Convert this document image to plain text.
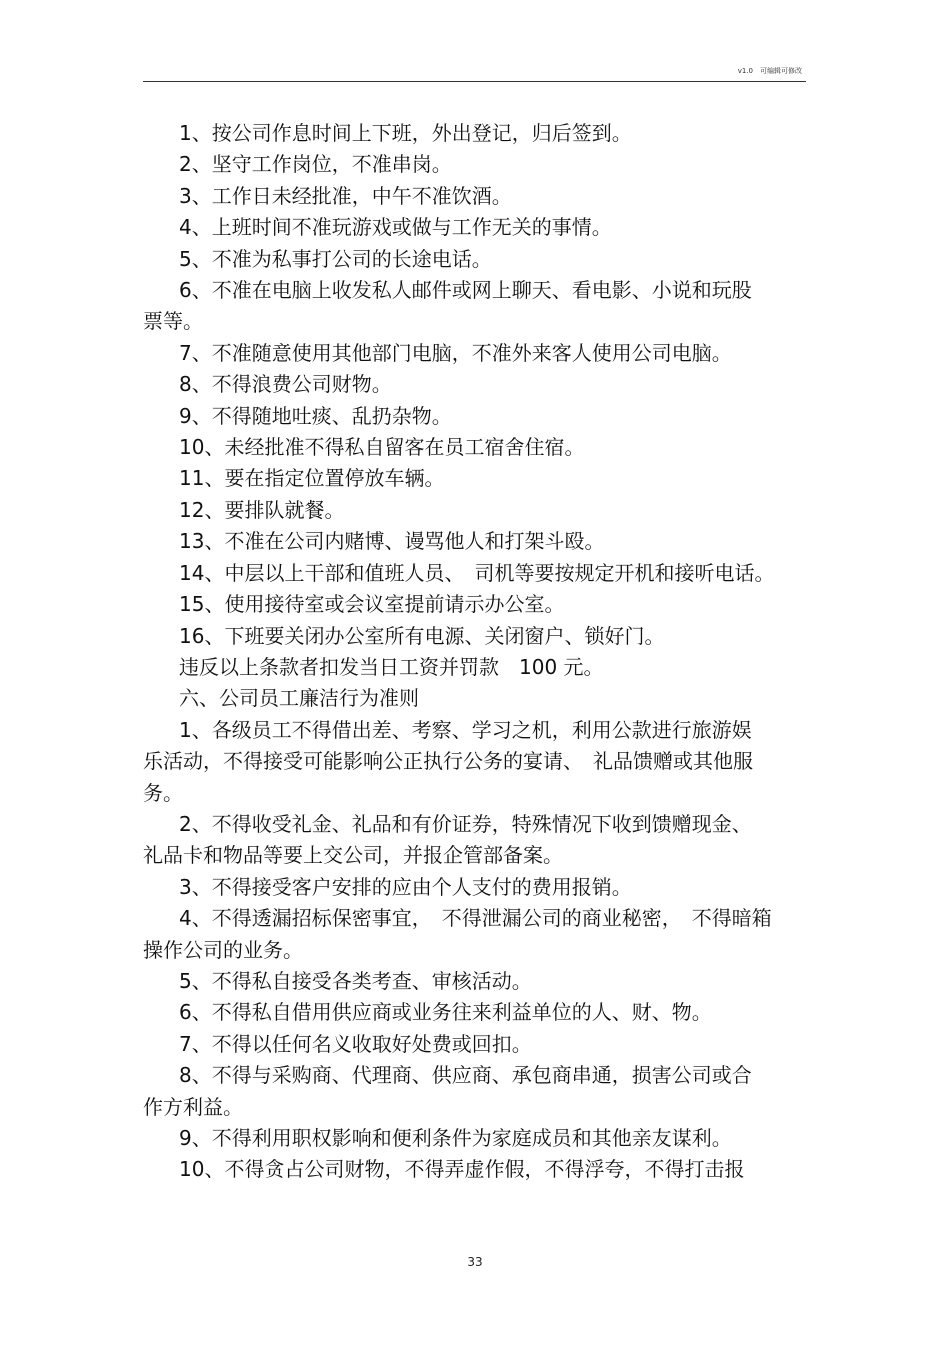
v1.0　可编辑可修改

1、按公司作息时间上下班，外出登记，归后签到。

2、坚守工作岗位，不准串岗。

3、工作日未经批准，中午不准饮酒。

4、上班时间不准玩游戏或做与工作无关的事情。

5、不准为私事打公司的长途电话。

6、不准在电脑上收发私人邮件或网上聊天、看电影、小说和玩股
票等。

7、不准随意使用其他部门电脑，不准外来客人使用公司电脑。

8、不得浪费公司财物。

9、不得随地吐痰、乱扔杂物。

10、未经批准不得私自留客在员工宿舍住宿。

11、要在指定位置停放车辆。

12、要排队就餐。

13、不准在公司内赌博、谩骂他人和打架斗殴。

14、中层以上干部和值班人员、　司机等要按规定开机和接听电话。

15、使用接待室或会议室提前请示办公室。

16、下班要关闭办公室所有电源、关闭窗户、锁好门。

违反以上条款者扣发当日工资并罚款　100 元。

六、公司员工廉洁行为准则

1、各级员工不得借出差、考察、学习之机，利用公款进行旅游娱
乐活动，不得接受可能影响公正执行公务的宴请、　礼品馈赠或其他服
务。

2、不得收受礼金、礼品和有价证券，特殊情况下收到馈赠现金、
礼品卡和物品等要上交公司，并报企管部备案。

3、不得接受客户安排的应由个人支付的费用报销。

4、不得透漏招标保密事宜，　不得泄漏公司的商业秘密，　不得暗箱
操作公司的业务。

5、不得私自接受各类考查、审核活动。

6、不得私自借用供应商或业务往来利益单位的人、财、物。

7、不得以任何名义收取好处费或回扣。

8、不得与采购商、代理商、供应商、承包商串通，损害公司或合
作方利益。

9、不得利用职权影响和便利条件为家庭成员和其他亲友谋利。

10、不得贪占公司财物，不得弄虚作假，不得浮夸，不得打击报

33
